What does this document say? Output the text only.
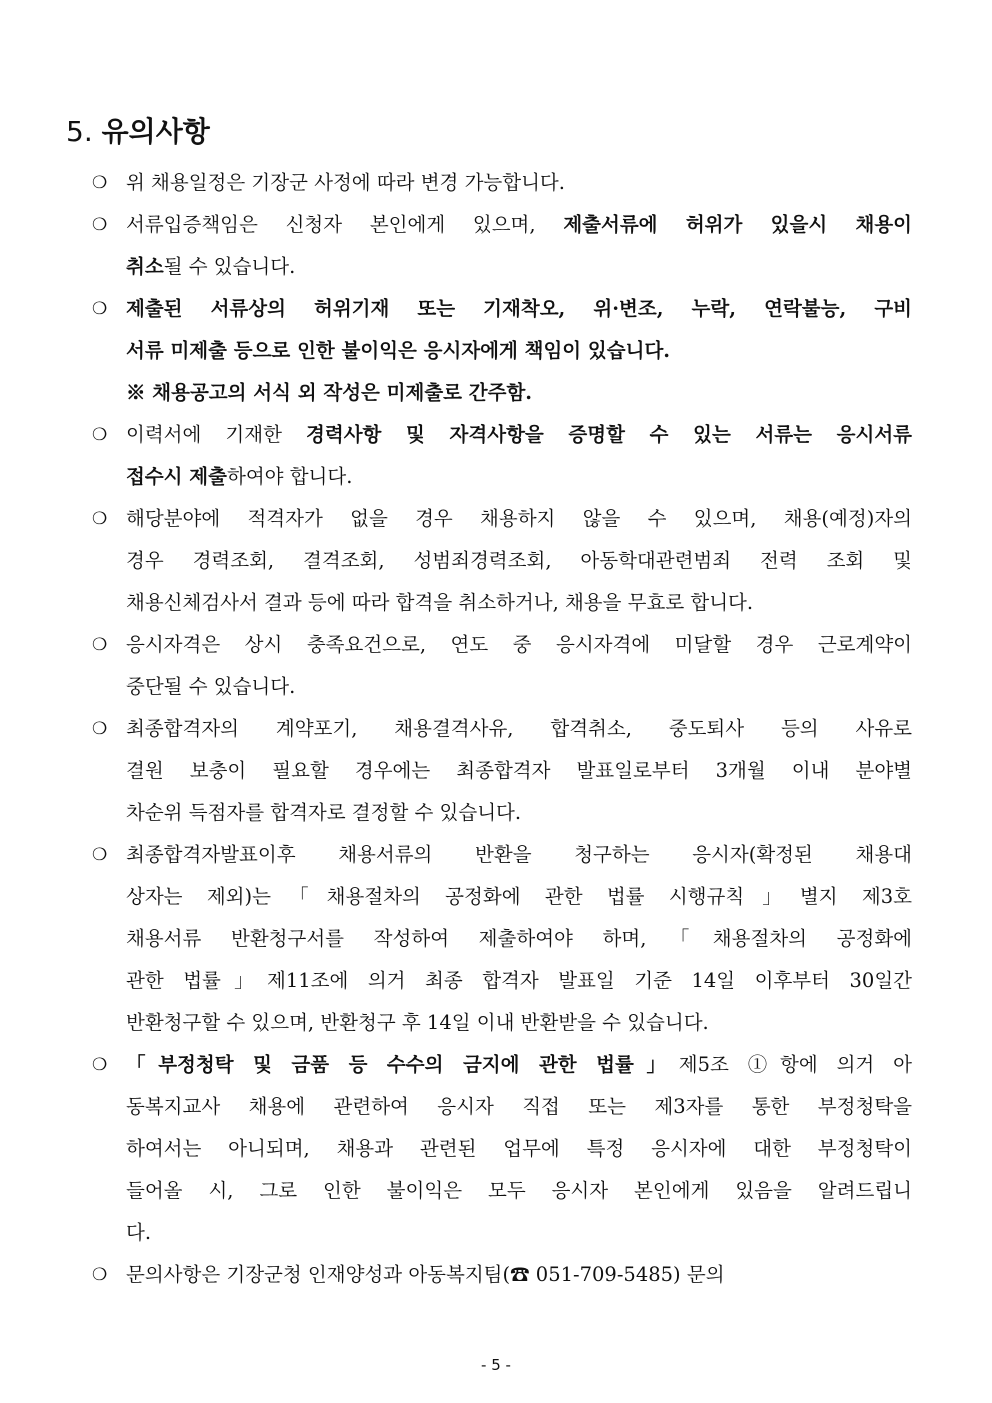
5. 유의사항
❍ 위 채용일정은 기장군 사정에 따라 변경 가능합니다.
❍ 서류입증책임은 신청자 본인에게 있으며, 제출서류에 허위가 있을시 채용이
취소될 수 있습니다.
❍ 제출된 서류상의 허위기재 또는 기재착오, 위·변조, 누락, 연락불능, 구비
서류 미제출 등으로 인한 불이익은 응시자에게 책임이 있습니다.
❍ 이력서에 기재한 경력사항 및 자격사항을 증명할 수 있는 서류는 응시서류
접수시 제출하여야 합니다.
❍ 해당분야에 적격자가 없을 경우 채용하지 않을 수 있으며, 채용(예정)자의
경우 경력조회, 결격조회, 성범죄경력조회, 아동학대관련범죄 전력 조회 및
채용신체검사서 결과 등에 따라 합격을 취소하거나, 채용을 무효로 합니다.
❍ 응시자격은 상시 충족요건으로, 연도 중 응시자격에 미달할 경우 근로계약이
중단될 수 있습니다.
❍ 최종합격자의 계약포기, 채용결격사유, 합격취소, 중도퇴사 등의 사유로
결원 보충이 필요할 경우에는 최종합격자 발표일로부터 3개월 이내 분야별
차순위 득점자를 합격자로 결정할 수 있습니다.
❍ 최종합격자발표이후 채용서류의 반환을 청구하는 응시자(확정된 채용대
상자는 제외)는「채용절차의 공정화에 관한 법률 시행규칙」별지 제3호
채용서류 반환청구서를 작성하여 제출하여야 하며,「채용절차의 공정화에
관한 법률」제11조에 의거 최종 합격자 발표일 기준 14일 이후부터 30일간
반환청구할 수 있으며, 반환청구 후 14일 이내 반환받을 수 있습니다.
❍ 「부정청탁 및 금품 등 수수의 금지에 관한 법률」제5조 ①항에 의거 아
동복지교사 채용에 관련하여 응시자 직접 또는 제3자를 통한 부정청탁을
하여서는 아니되며, 채용과 관련된 업무에 특정 응시자에 대한 부정청탁이
들어올 시, 그로 인한 불이익은 모두 응시자 본인에게 있음을 알려드립니
다.
❍ 문의사항은 기장군청 인재양성과 아동복지팀(☎ 051-709-5485) 문의
※ 채용공고의 서식 외 작성은 미제출로 간주함.
- 5 -
